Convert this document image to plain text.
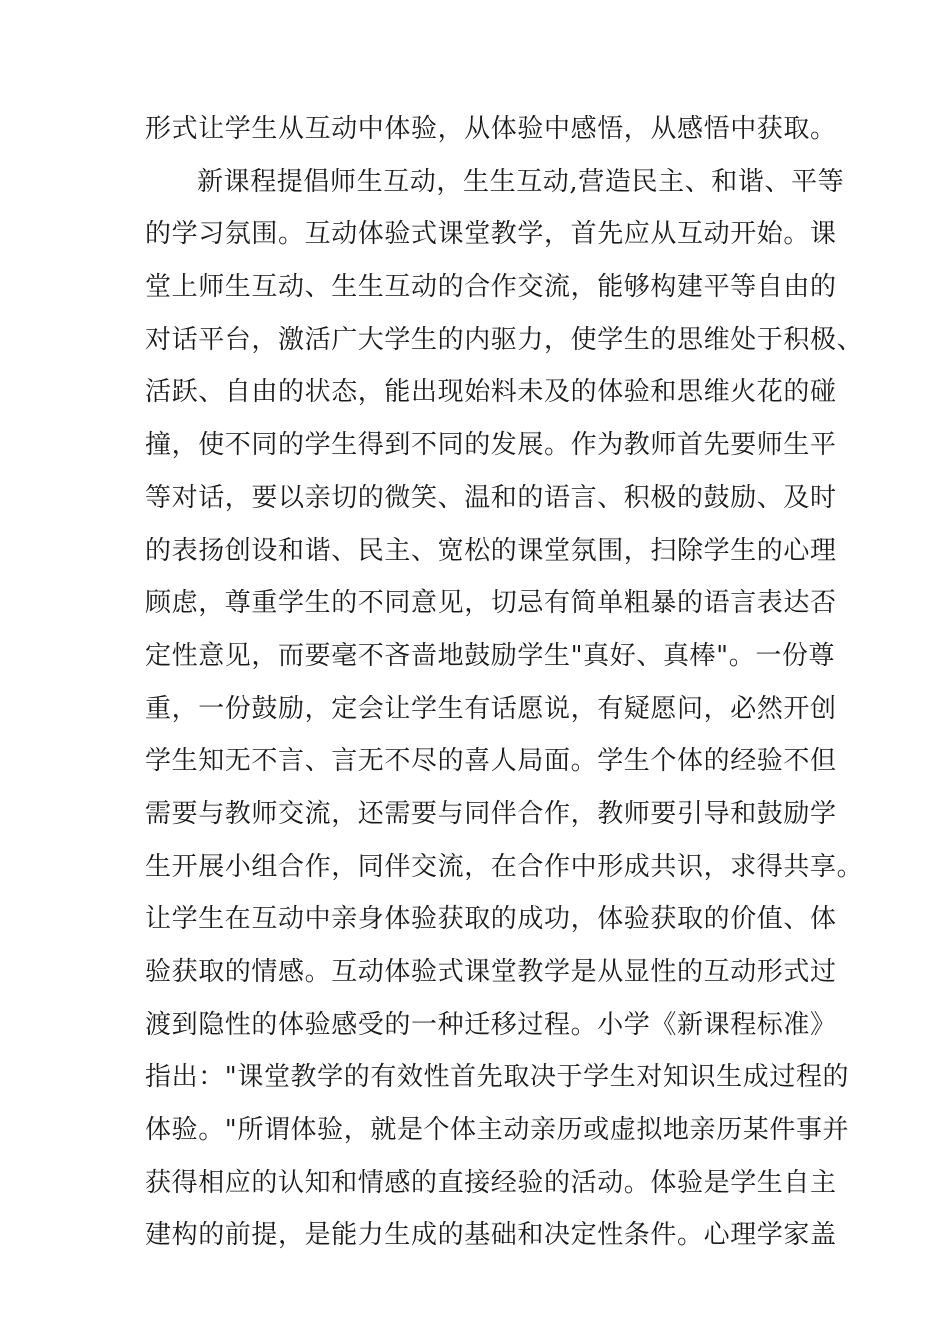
形式让学生从互动中体验，从体验中感悟，从感悟中获取。
新课程提倡师生互动，生生互动,营造民主、和谐、平等
的学习氛围。互动体验式课堂教学，首先应从互动开始。课
堂上师生互动、生生互动的合作交流，能够构建平等自由的
对话平台，激活广大学生的内驱力，使学生的思维处于积极、
活跃、自由的状态，能出现始料未及的体验和思维火花的碰
撞，使不同的学生得到不同的发展。作为教师首先要师生平
等对话，要以亲切的微笑、温和的语言、积极的鼓励、及时
的表扬创设和谐、民主、宽松的课堂氛围，扫除学生的心理
顾虑，尊重学生的不同意见，切忌有简单粗暴的语言表达否
定性意见，而要毫不吝啬地鼓励学生"真好、真棒"。一份尊
重，一份鼓励，定会让学生有话愿说，有疑愿问，必然开创
学生知无不言、言无不尽的喜人局面。学生个体的经验不但
需要与教师交流，还需要与同伴合作，教师要引导和鼓励学
生开展小组合作，同伴交流，在合作中形成共识，求得共享。
让学生在互动中亲身体验获取的成功，体验获取的价值、体
验获取的情感。互动体验式课堂教学是从显性的互动形式过
渡到隐性的体验感受的一种迁移过程。小学《新课程标准》
指出："课堂教学的有效性首先取决于学生对知识生成过程的
体验。"所谓体验，就是个体主动亲历或虚拟地亲历某件事并
获得相应的认知和情感的直接经验的活动。体验是学生自主
建构的前提，是能力生成的基础和决定性条件。心理学家盖
